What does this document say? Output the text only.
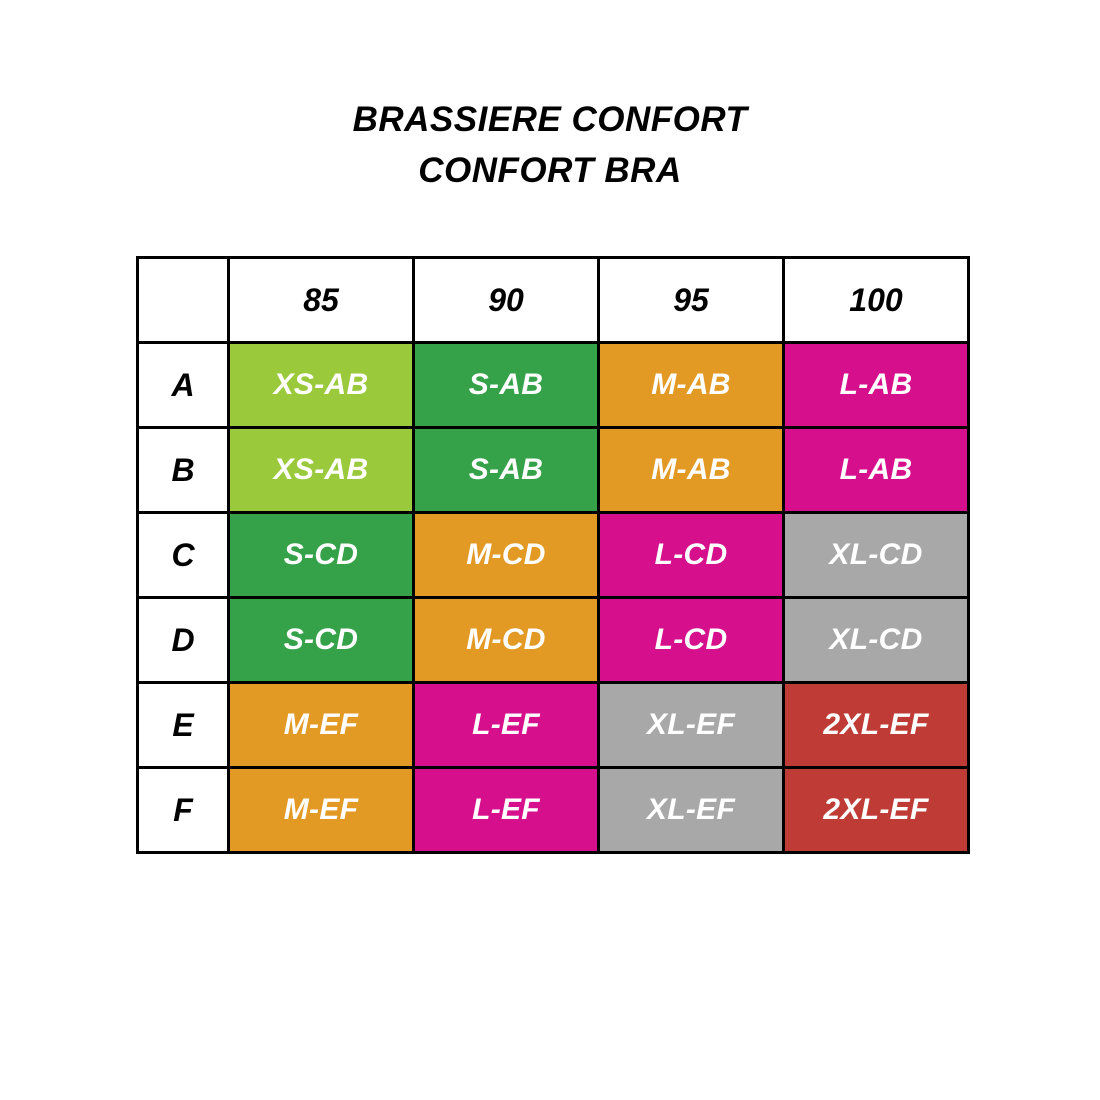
BRASSIERE CONFORT
CONFORT BRA
	85	90	95	100
A	XS-AB	S-AB	M-AB	L-AB
B	XS-AB	S-AB	M-AB	L-AB
C	S-CD	M-CD	L-CD	XL-CD
D	S-CD	M-CD	L-CD	XL-CD
E	M-EF	L-EF	XL-EF	2XL-EF
F	M-EF	L-EF	XL-EF	2XL-EF
